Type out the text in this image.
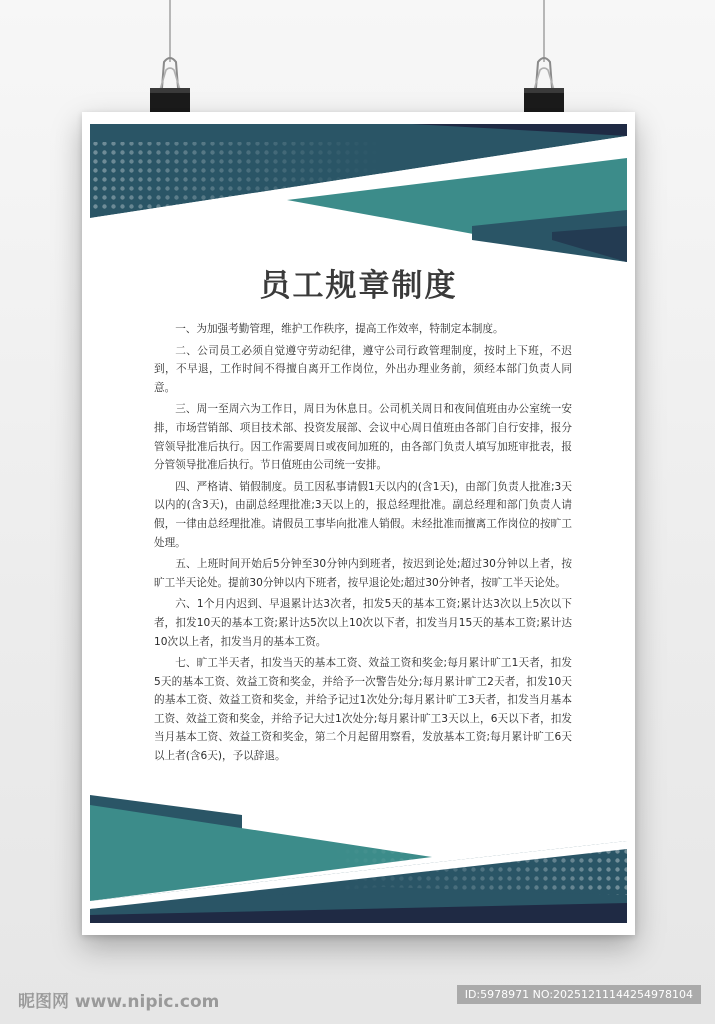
员工规章制度

一、为加强考勤管理，维护工作秩序，提高工作效率，特制定本制度。

二、公司员工必须自觉遵守劳动纪律，遵守公司行政管理制度，按时上下班，不迟到，不早退，工作时间不得擅自离开工作岗位，外出办理业务前，须经本部门负责人同意。

三、周一至周六为工作日，周日为休息日。公司机关周日和夜间值班由办公室统一安排，市场营销部、项目技术部、投资发展部、会议中心周日值班由各部门自行安排，报分管领导批准后执行。因工作需要周日或夜间加班的，由各部门负责人填写加班审批表，报分管领导批准后执行。节日值班由公司统一安排。

四、严格请、销假制度。员工因私事请假1天以内的(含1天)，由部门负责人批准;3天以内的(含3天)，由副总经理批准;3天以上的，报总经理批准。副总经理和部门负责人请假，一律由总经理批准。请假员工事毕向批准人销假。未经批准而擅离工作岗位的按旷工处理。

五、上班时间开始后5分钟至30分钟内到班者，按迟到论处;超过30分钟以上者，按旷工半天论处。提前30分钟以内下班者，按早退论处;超过30分钟者，按旷工半天论处。

六、1个月内迟到、早退累计达3次者，扣发5天的基本工资;累计达3次以上5次以下者，扣发10天的基本工资;累计达5次以上10次以下者，扣发当月15天的基本工资;累计达10次以上者，扣发当月的基本工资。

七、旷工半天者，扣发当天的基本工资、效益工资和奖金;每月累计旷工1天者，扣发5天的基本工资、效益工资和奖金，并给予一次警告处分;每月累计旷工2天者，扣发10天的基本工资、效益工资和奖金，并给予记过1次处分;每月累计旷工3天者，扣发当月基本工资、效益工资和奖金，并给予记大过1次处分;每月累计旷工3天以上，6天以下者，扣发当月基本工资、效益工资和奖金，第二个月起留用察看，发放基本工资;每月累计旷工6天以上者(含6天)，予以辞退。

昵图网 www.nipic.com	ID:5978971 NO:20251211144254978104
